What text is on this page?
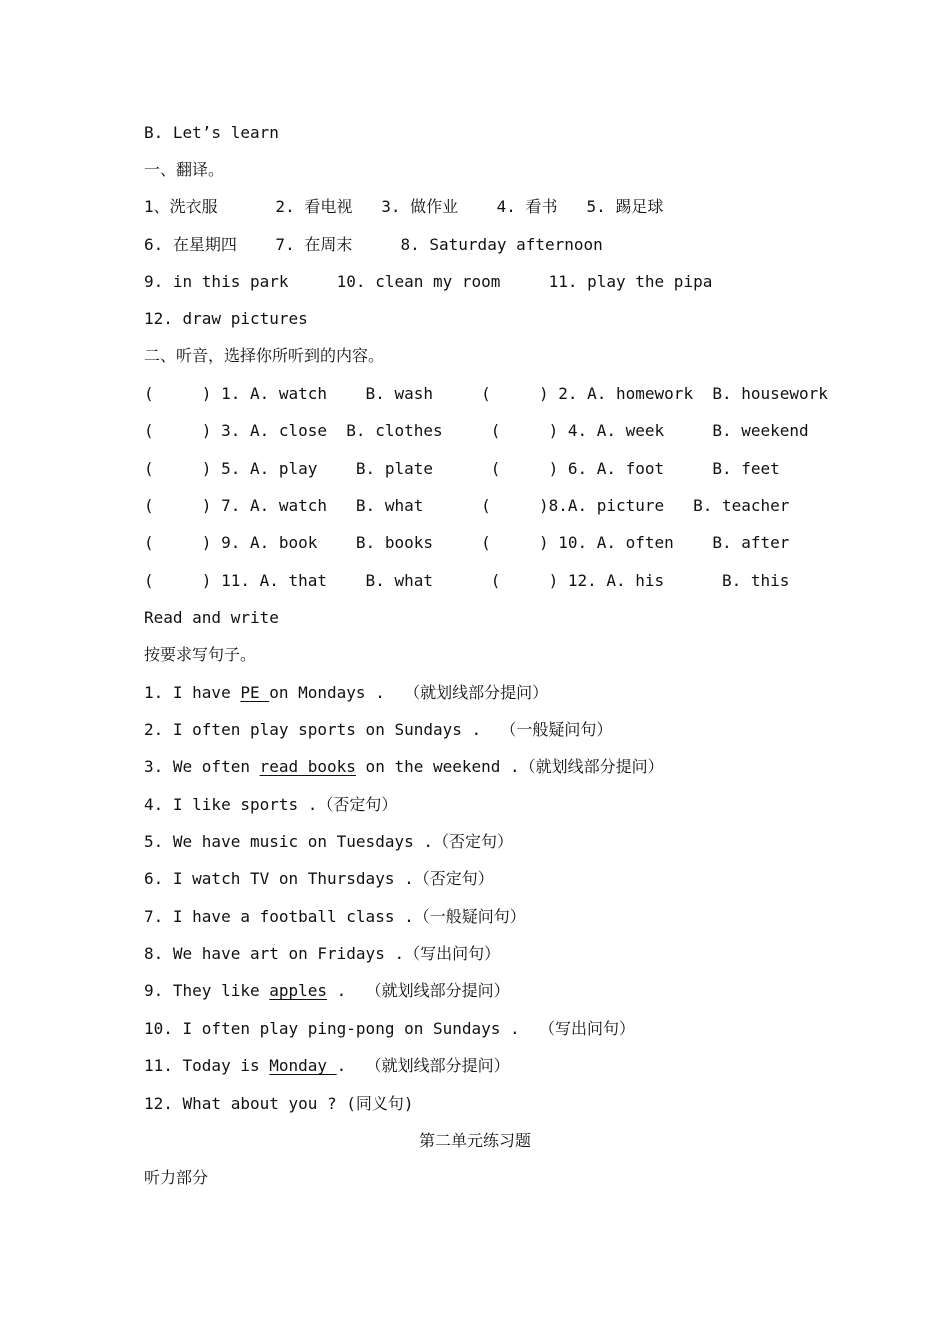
B. Let’s learn
一、翻译。
1、洗衣服      2. 看电视   3. 做作业    4. 看书   5. 踢足球
6. 在星期四    7. 在周末     8. Saturday afternoon
9. in this park     10. clean my room     11. play the pipa
12. draw pictures
二、听音，选择你所听到的内容。
(     ) 1. A. watch    B. wash     (     ) 2. A. homework  B. housework
(     ) 3. A. close  B. clothes     (     ) 4. A. week     B. weekend
(     ) 5. A. play    B. plate      (     ) 6. A. foot     B. feet
(     ) 7. A. watch   B. what      (     )8.A. picture   B. teacher
(     ) 9. A. book    B. books     (     ) 10. A. often    B. after
(     ) 11. A. that    B. what      (     ) 12. A. his      B. this
Read and write
按要求写句子。
1. I have PE on Mondays .  （就划线部分提问）
2. I often play sports on Sundays .  （一般疑问句）
3. We often read books on the weekend .（就划线部分提问）
4. I like sports .（否定句）
5. We have music on Tuesdays .（否定句）
6. I watch TV on Thursdays .（否定句）
7. I have a football class .（一般疑问句）
8. We have art on Fridays .（写出问句）
9. They like apples .  （就划线部分提问）
10. I often play ping-pong on Sundays .  （写出问句）
11. Today is Monday .  （就划线部分提问）
12. What about you ? (同义句)
第二单元练习题
听力部分
